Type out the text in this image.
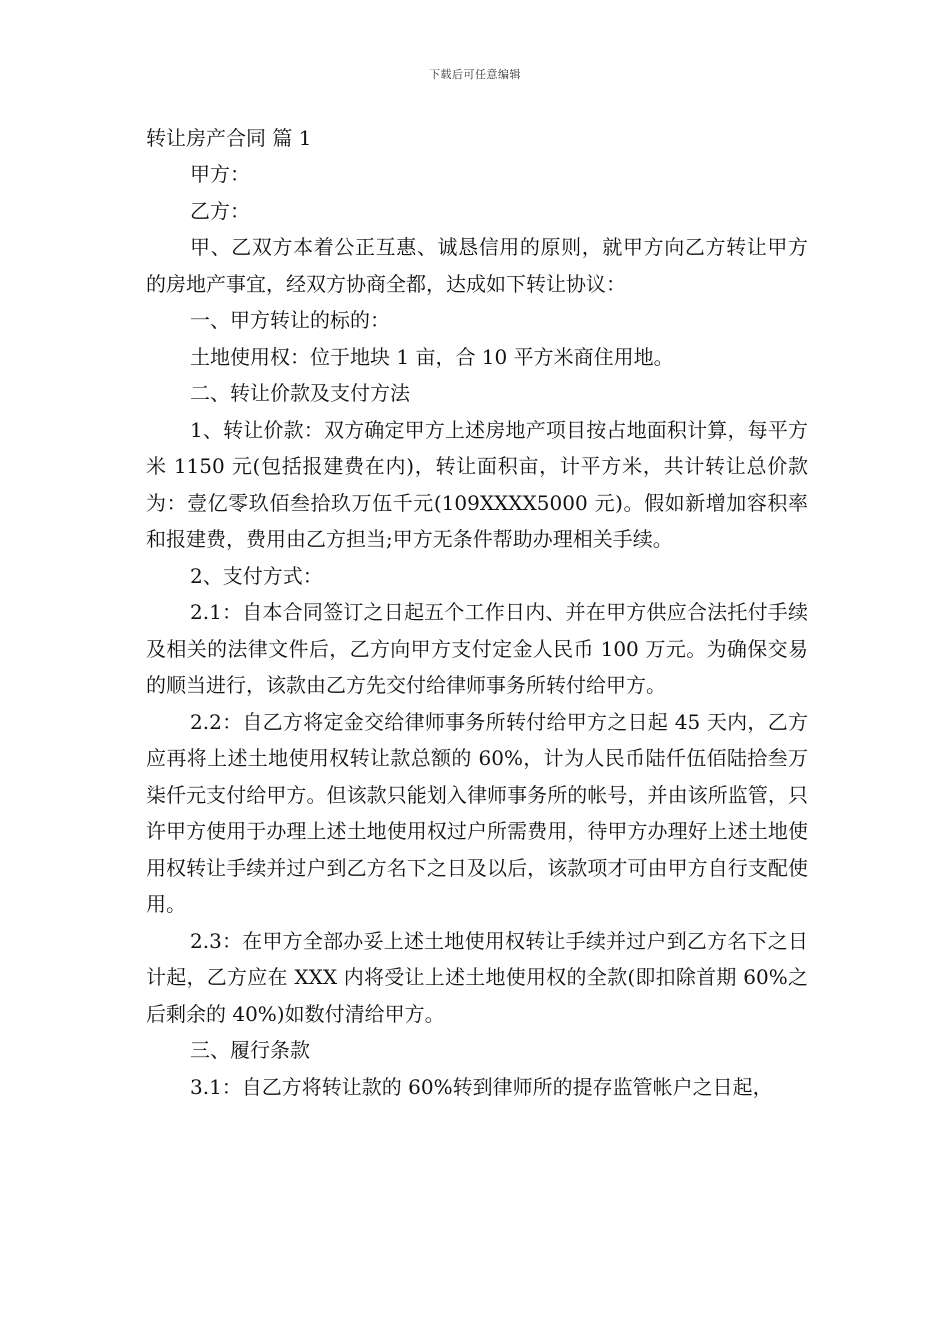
下载后可任意编辑
转让房产合同 篇 1

甲方：

乙方：

甲、乙双方本着公正互惠、诚恳信用的原则，就甲方向乙方转让甲方的房地产事宜，经双方协商全都，达成如下转让协议：

一、甲方转让的标的：

土地使用权：位于地块 1 亩，合 10 平方米商住用地。

二、转让价款及支付方法

1、转让价款：双方确定甲方上述房地产项目按占地面积计算，每平方米 1150 元(包括报建费在内)，转让面积亩，计平方米，共计转让总价款为：壹亿零玖佰叁拾玖万伍千元(109XXXX5000 元)。假如新增加容积率和报建费，费用由乙方担当;甲方无条件帮助办理相关手续。

2、支付方式：

2.1：自本合同签订之日起五个工作日内、并在甲方供应合法托付手续及相关的法律文件后，乙方向甲方支付定金人民币 100 万元。为确保交易的顺当进行，该款由乙方先交付给律师事务所转付给甲方。

2.2：自乙方将定金交给律师事务所转付给甲方之日起 45 天内，乙方应再将上述土地使用权转让款总额的 60%，计为人民币陆仟伍佰陆拾叁万柒仟元支付给甲方。但该款只能划入律师事务所的帐号，并由该所监管，只许甲方使用于办理上述土地使用权过户所需费用，待甲方办理好上述土地使用权转让手续并过户到乙方名下之日及以后，该款项才可由甲方自行支配使用。

2.3：在甲方全部办妥上述土地使用权转让手续并过户到乙方名下之日计起，乙方应在 XXX 内将受让上述土地使用权的全款(即扣除首期 60%之后剩余的 40%)如数付清给甲方。

三、履行条款

3.1：自乙方将转让款的 60%转到律师所的提存监管帐户之日起，
